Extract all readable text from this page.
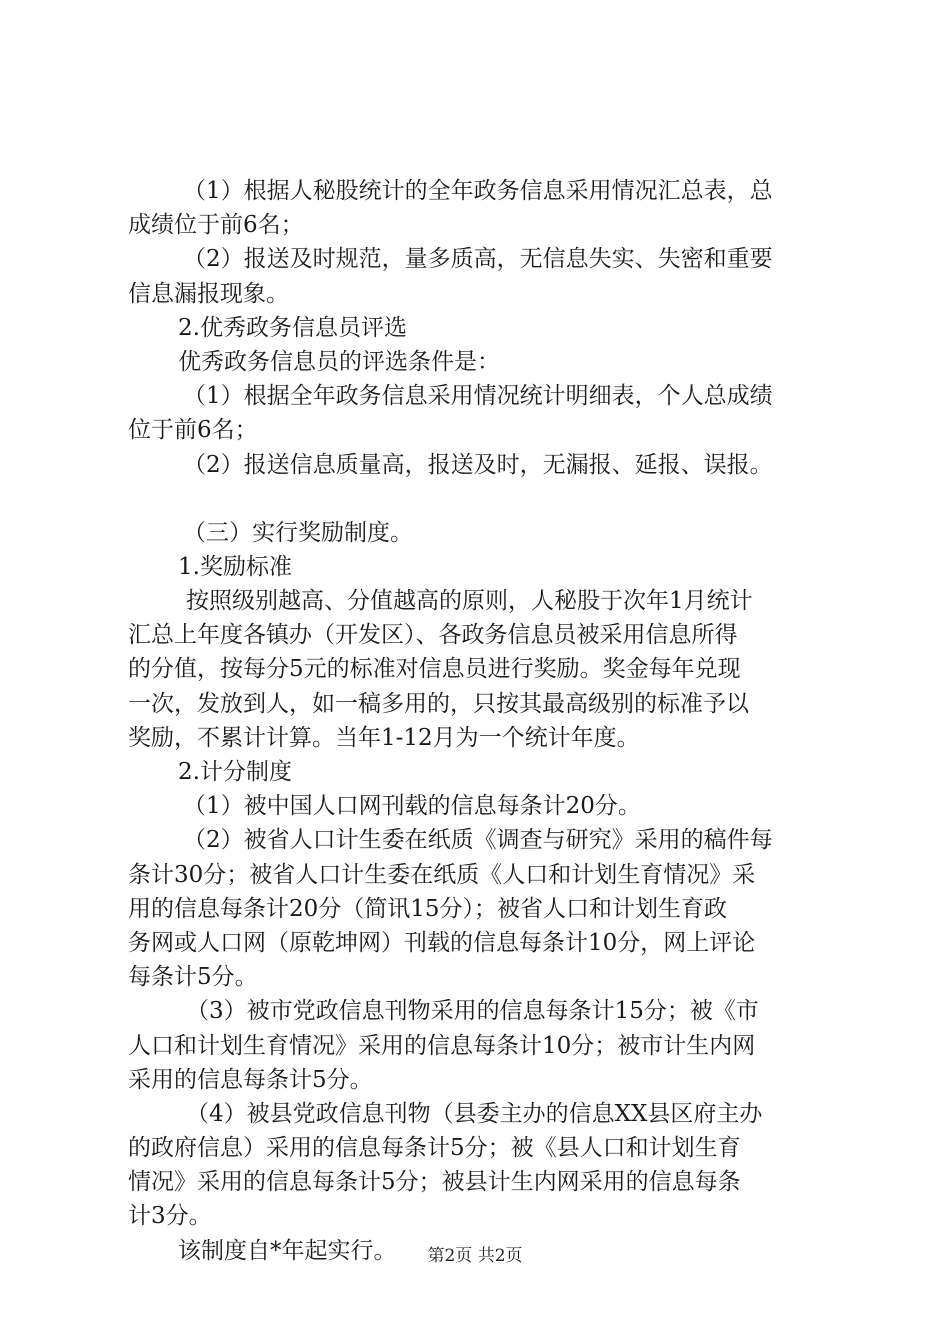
（1）根据人秘股统计的全年政务信息采用情况汇总表，总
成绩位于前6名；
（2）报送及时规范，量多质高，无信息失实、失密和重要
信息漏报现象。
2.优秀政务信息员评选
优秀政务信息员的评选条件是：
（1）根据全年政务信息采用情况统计明细表，个人总成绩
位于前6名；
（2）报送信息质量高，报送及时，无漏报、延报、误报。
（三）实行奖励制度。
1.奖励标准
按照级别越高、分值越高的原则，人秘股于次年1月统计
汇总上年度各镇办（开发区）、各政务信息员被采用信息所得
的分值，按每分5元的标准对信息员进行奖励。奖金每年兑现
一次，发放到人，如一稿多用的，只按其最高级别的标准予以
奖励，不累计计算。当年1-12月为一个统计年度。
2.计分制度
（1）被中国人口网刊载的信息每条计20分。
（2）被省人口计生委在纸质《调查与研究》采用的稿件每
条计30分；被省人口计生委在纸质《人口和计划生育情况》采
用的信息每条计20分（简讯15分）；被省人口和计划生育政
务网或人口网（原乾坤网）刊载的信息每条计10分，网上评论
每条计5分。
（3）被市党政信息刊物采用的信息每条计15分；被《市
人口和计划生育情况》采用的信息每条计10分；被市计生内网
采用的信息每条计5分。
（4）被县党政信息刊物（县委主办的信息XX县区府主办
的政府信息）采用的信息每条计5分；被《县人口和计划生育
情况》采用的信息每条计5分；被县计生内网采用的信息每条
计3分。
该制度自*年起实行。	第2页 共2页
